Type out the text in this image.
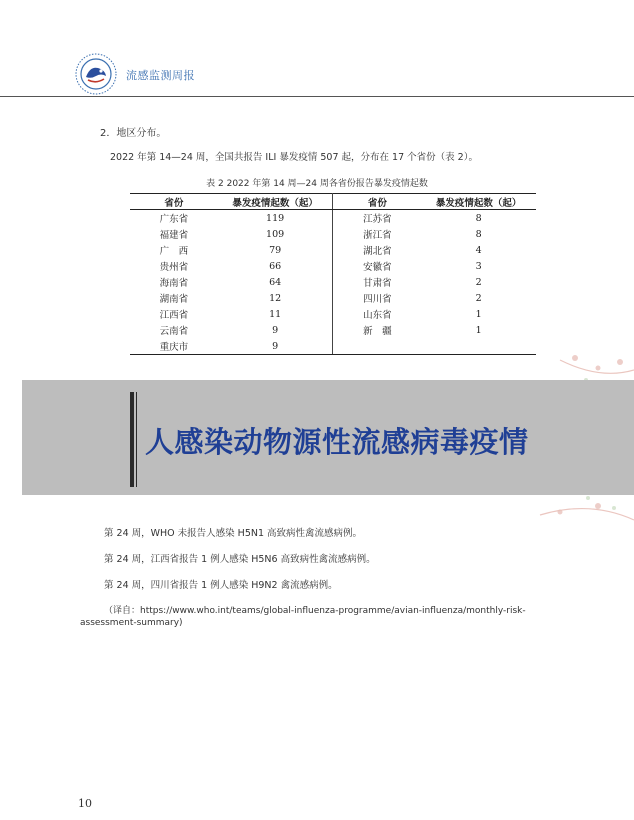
流感监测周报
2．地区分布。
2022 年第 14—24 周，全国共报告 ILI 暴发疫情 507 起，分布在 17 个省份（表 2）。
表 2 2022 年第 14 周—24 周各省份报告暴发疫情起数
省份	暴发疫情起数（起）	省份	暴发疫情起数（起）
广东省	119	江苏省	8
福建省	109	浙江省	8
广　西	79	湖北省	4
贵州省	66	安徽省	3
海南省	64	甘肃省	2
湖南省	12	四川省	2
江西省	11	山东省	1
云南省	9	新　疆	1
重庆市	9		
人感染动物源性流感病毒疫情
第 24 周，WHO 未报告人感染 H5N1 高致病性禽流感病例。
第 24 周，江西省报告 1 例人感染 H5N6 高致病性禽流感病例。
第 24 周，四川省报告 1 例人感染 H9N2 禽流感病例。
（译自：https://www.who.int/teams/global-influenza-programme/avian-influenza/monthly-risk-
assessment-summary)
10
